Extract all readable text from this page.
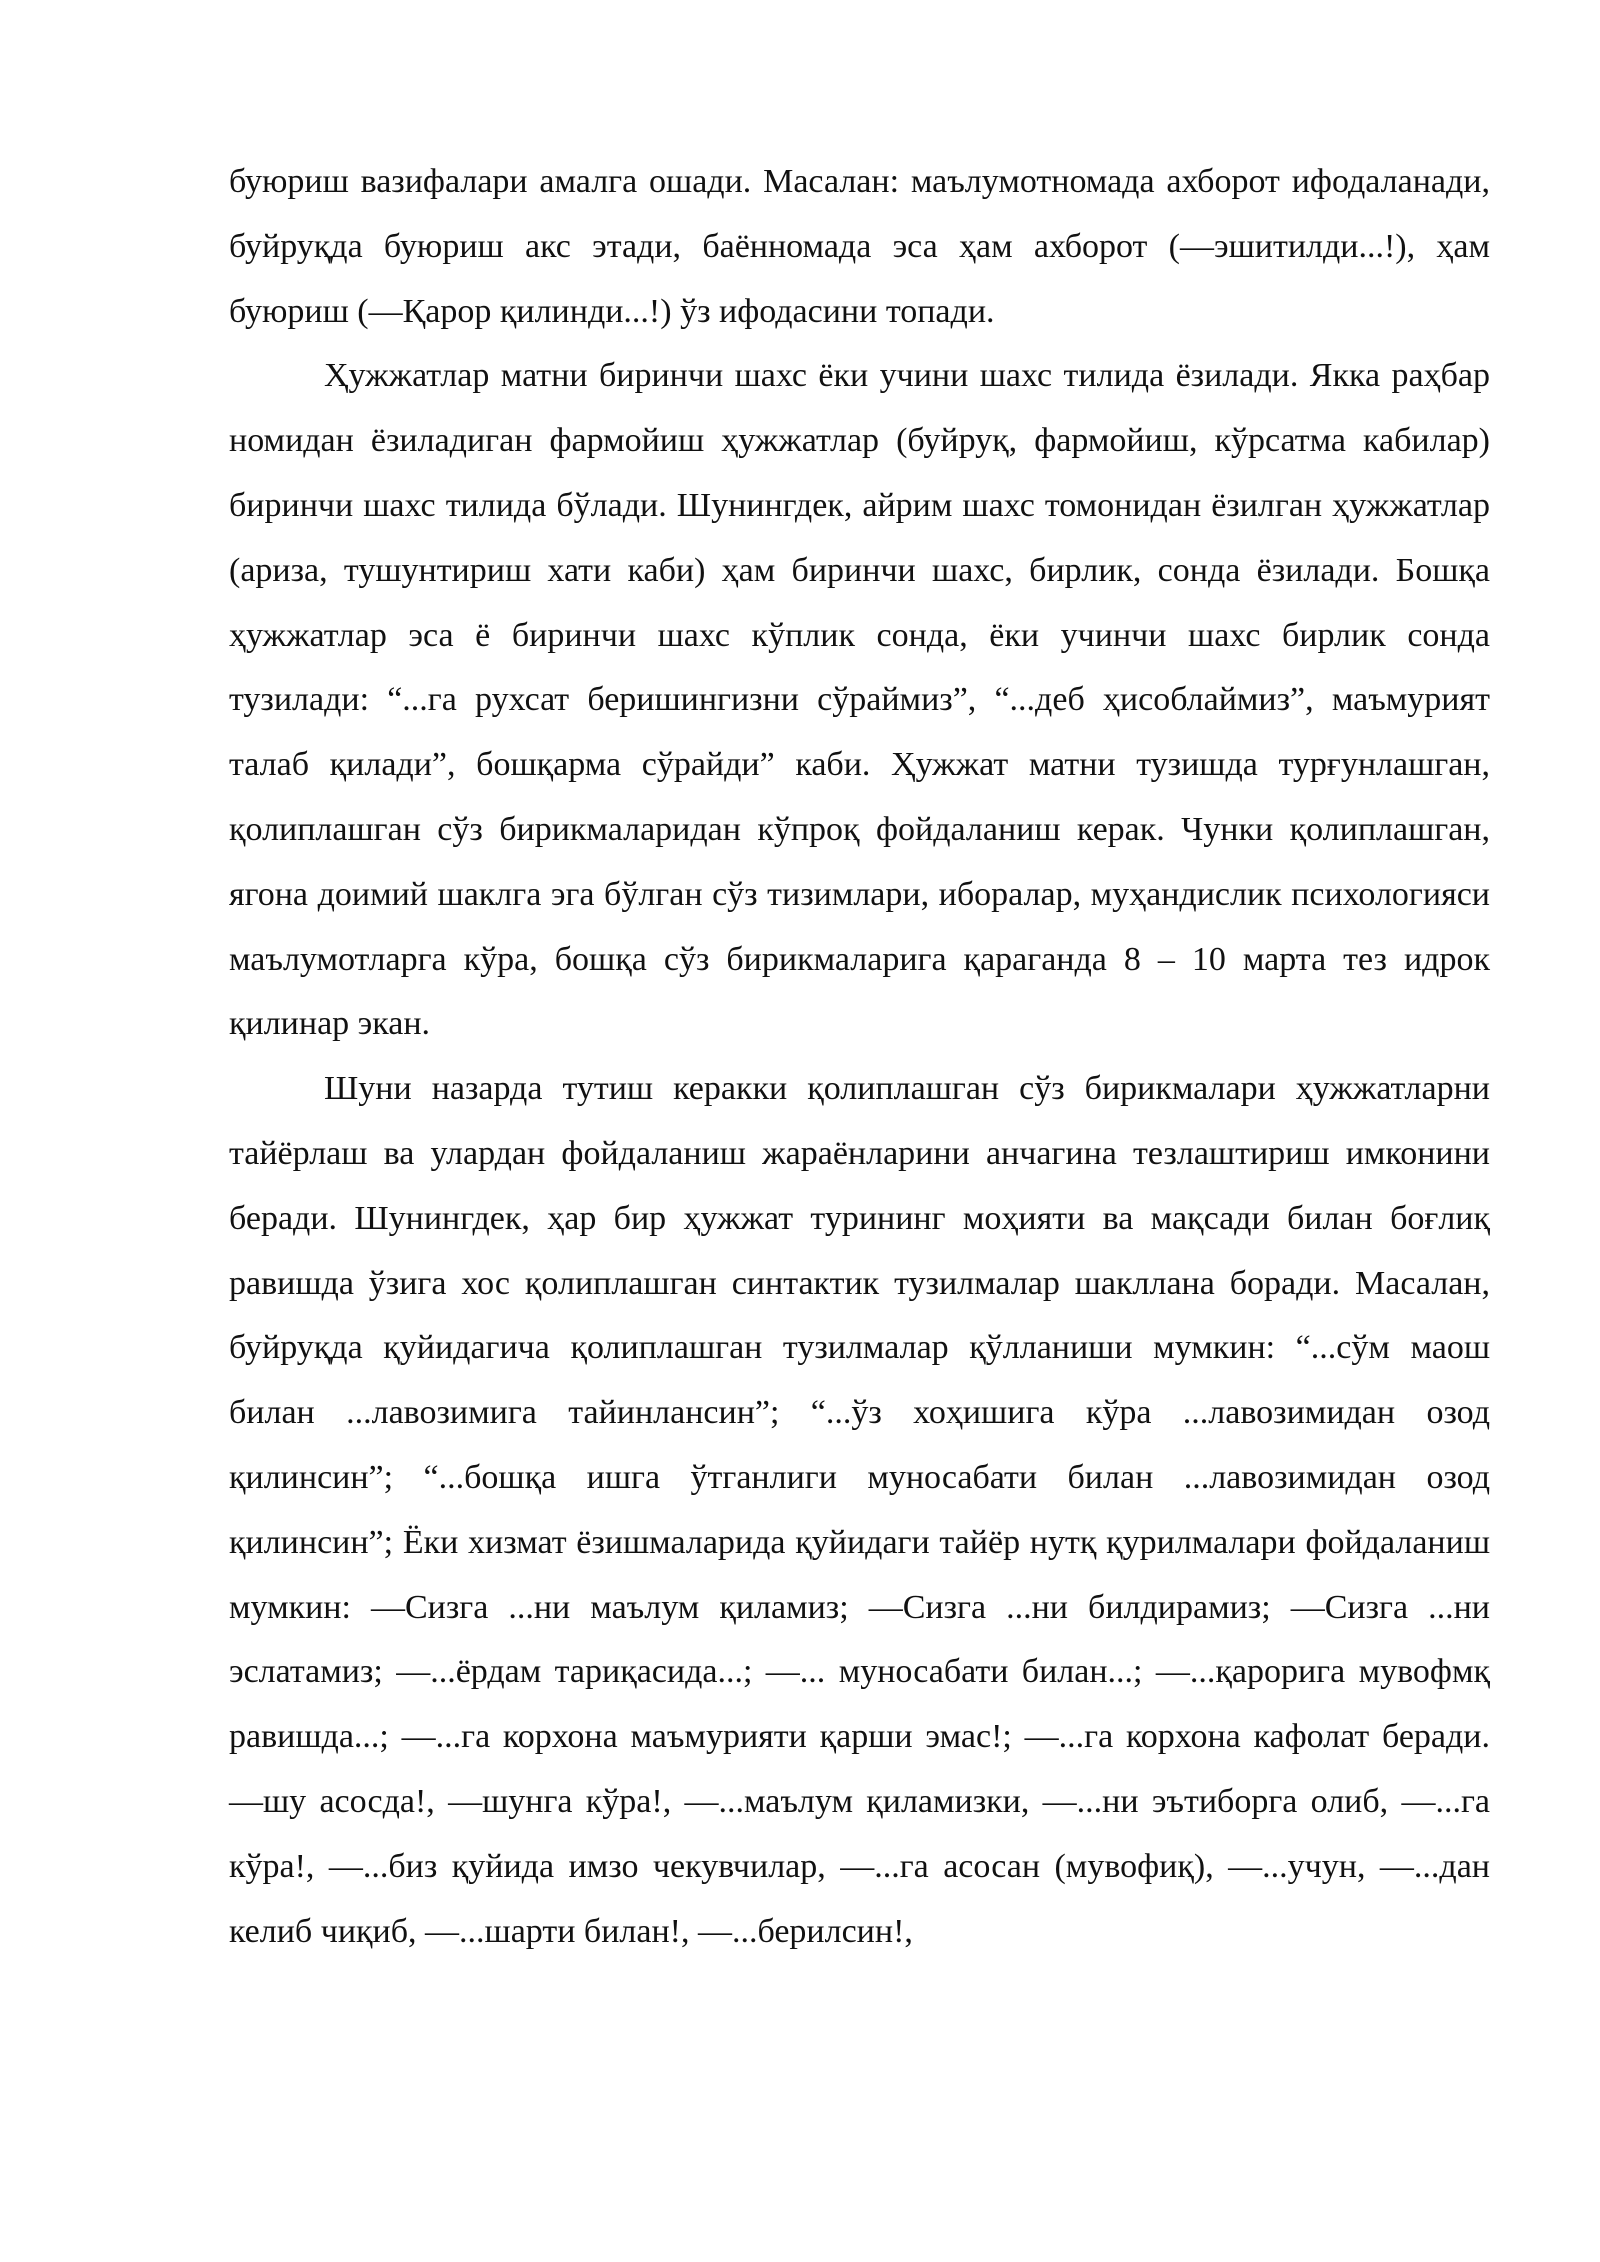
буюриш вазифалари амалга ошади. Масалан: маълумотномада ахборот ифодаланади, буйруқда буюриш акс этади, баённомада эса ҳам ахборот (―эшитилди...!), ҳам буюриш (―Қарор қилинди...!) ўз ифодасини топади.

Ҳужжатлар матни биринчи шахс ёки учини шахс тилида ёзилади. Якка раҳбар номидан ёзиладиган фармойиш ҳужжатлар (буйруқ, фармойиш, кўрсатма кабилар) биринчи шахс тилида бўлади. Шунингдек, айрим шахс томонидан ёзилган ҳужжатлар (ариза, тушунтириш хати каби) ҳам биринчи шахс, бирлик, сонда ёзилади. Бошқа ҳужжатлар эса ё биринчи шахс кўплик сонда, ёки учинчи шахс бирлик сонда тузилади: “...га рухсат беришингизни сўраймиз”, “...деб ҳисоблаймиз”, маъмурият талаб қилади”, бошқарма сўрайди” каби. Ҳужжат матни тузишда турғунлашган, қолиплашган сўз бирикмаларидан кўпроқ фойдаланиш керак. Чунки қолиплашган, ягона доимий шаклга эга бўлган сўз тизимлари, иборалар, муҳандислик психологияси маълумотларга кўра, бошқа сўз бирикмаларига қараганда 8 – 10 марта тез идрок қилинар экан.

Шуни назарда тутиш керакки қолиплашган сўз бирикмалари ҳужжатларни тайёрлаш ва улардан фойдаланиш жараёнларини анчагина тезлаштириш имконини беради. Шунингдек, ҳар бир ҳужжат турининг моҳияти ва мақсади билан боғлиқ равишда ўзига хос қолиплашган синтактик тузилмалар шакллана боради. Масалан, буйруқда қуйидагича қолиплашган тузилмалар қўлланиши мумкин: “...сўм маош билан ...лавозимига тайинлансин”; “...ўз хоҳишига кўра ...лавозимидан озод қилинсин”; “...бошқа ишга ўтганлиги муносабати билан ...лавозимидан озод қилинсин”; Ёки хизмат ёзишмаларида қуйидаги тайёр нутқ қурилмалари фойдаланиш мумкин: ―Сизга ...ни маълум қиламиз; ―Сизга ...ни билдирамиз; ―Сизга ...ни эслатамиз; ―...ёрдам тариқасида...; ―... муносабати билан...; ―...қарорига мувофмқ равишда...; ―...га корхона маъмурияти қарши эмас!; ―...га корхона кафолат беради. ―шу асосда!, ―шунга кўра!, ―...маълум қиламизки, ―...ни эътиборга олиб, ―...га кўра!, ―...биз қуйида имзо чекувчилар, ―...га асосан (мувофиқ), ―...учун, ―...дан келиб чиқиб, ―...шарти билан!, ―...берилсин!,
